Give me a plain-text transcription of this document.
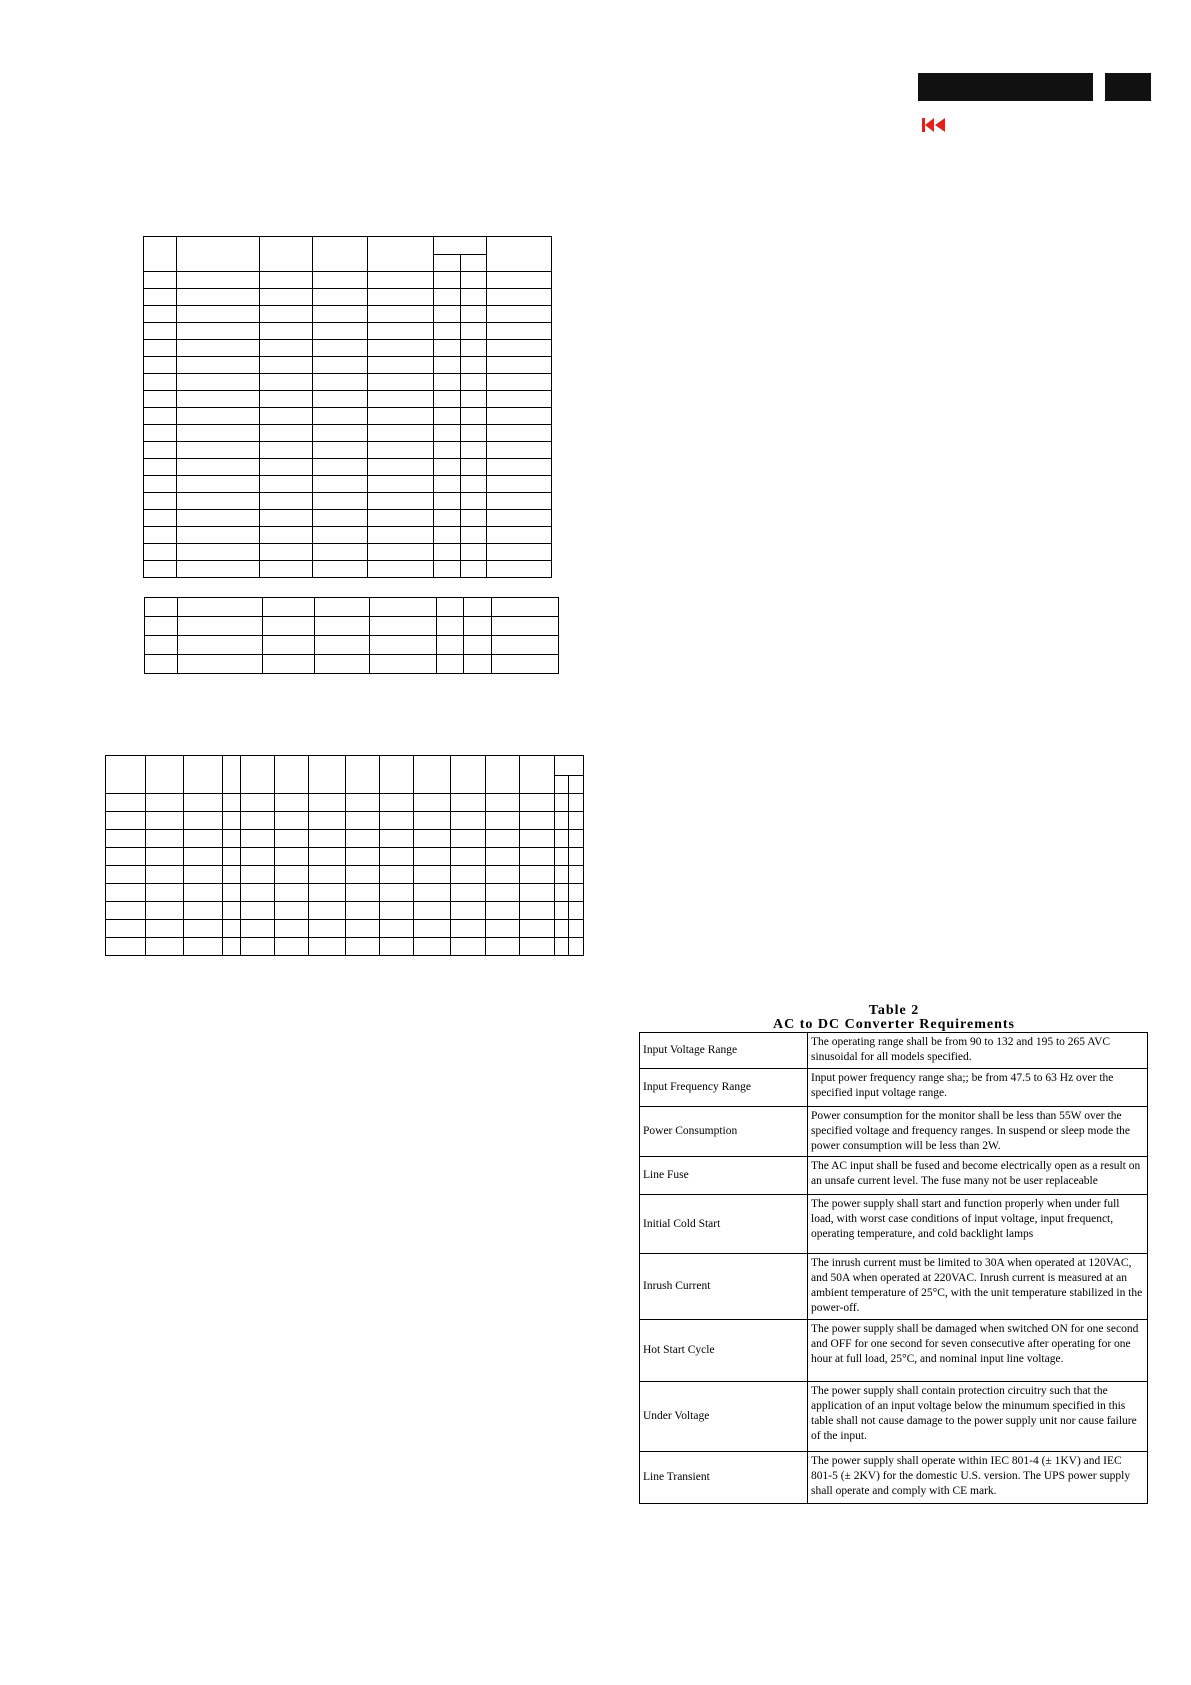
Table 2
AC to DC Converter Requirements
Input Voltage Range	The operating range shall be from 90 to 132 and 195 to 265 AVC sinusoidal for all models specified.
Input Frequency Range	Input power frequency range sha;; be from 47.5 to 63 Hz over the specified input voltage range.
Power Consumption	Power consumption for the monitor shall be less than 55W over the specified voltage and frequency ranges. In suspend or sleep mode the power consumption will be less than 2W.
Line Fuse	The AC input shall be fused and become electrically open as a result on an unsafe current level. The fuse many not be user replaceable
Initial Cold Start	The power supply shall start and function properly when under full load, with worst case conditions of input voltage, input frequenct, operating temperature, and cold backlight lamps
Inrush Current	The inrush current must be limited to 30A when operated at 120VAC, and 50A when operated at 220VAC. Inrush current is measured at an ambient temperature of 25°C, with the unit temperature stabilized in the power-off.
Hot Start Cycle	The power supply shall be damaged when switched ON for one second and OFF for one second for seven consecutive after operating for one hour at full load, 25°C, and nominal input line voltage.
Under Voltage	The power supply shall contain protection circuitry such that the application of an input voltage below the minumum specified in this table shall not cause damage to the power supply unit nor cause failure of the input.
Line Transient	The power supply shall operate within IEC 801-4 (± 1KV) and IEC 801-5 (± 2KV) for the domestic U.S. version. The UPS power supply shall operate and comply with CE mark.
